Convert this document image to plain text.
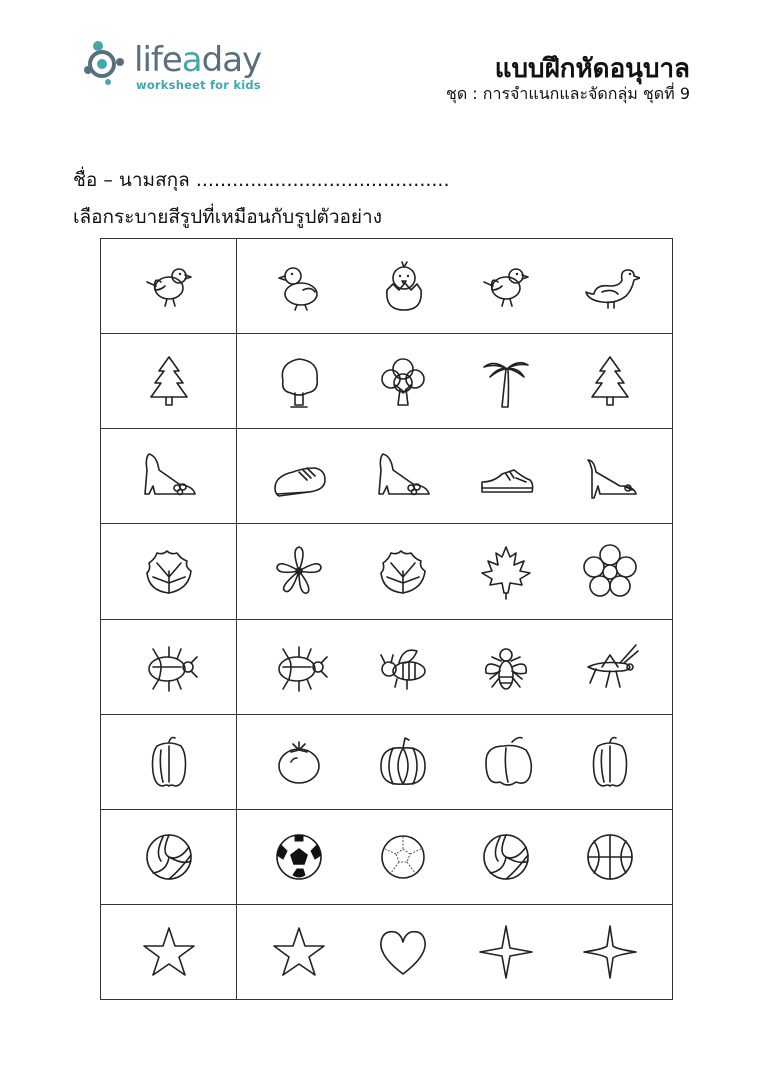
lifeaday
worksheet for kids
แบบฝึกหัดอนุบาล
ชุด : การจำแนกและจัดกลุ่ม ชุดที่ 9
ชื่อ – นามสกุล ..........................................
เลือกระบายสีรูปที่เหมือนกับรูปตัวอย่าง
